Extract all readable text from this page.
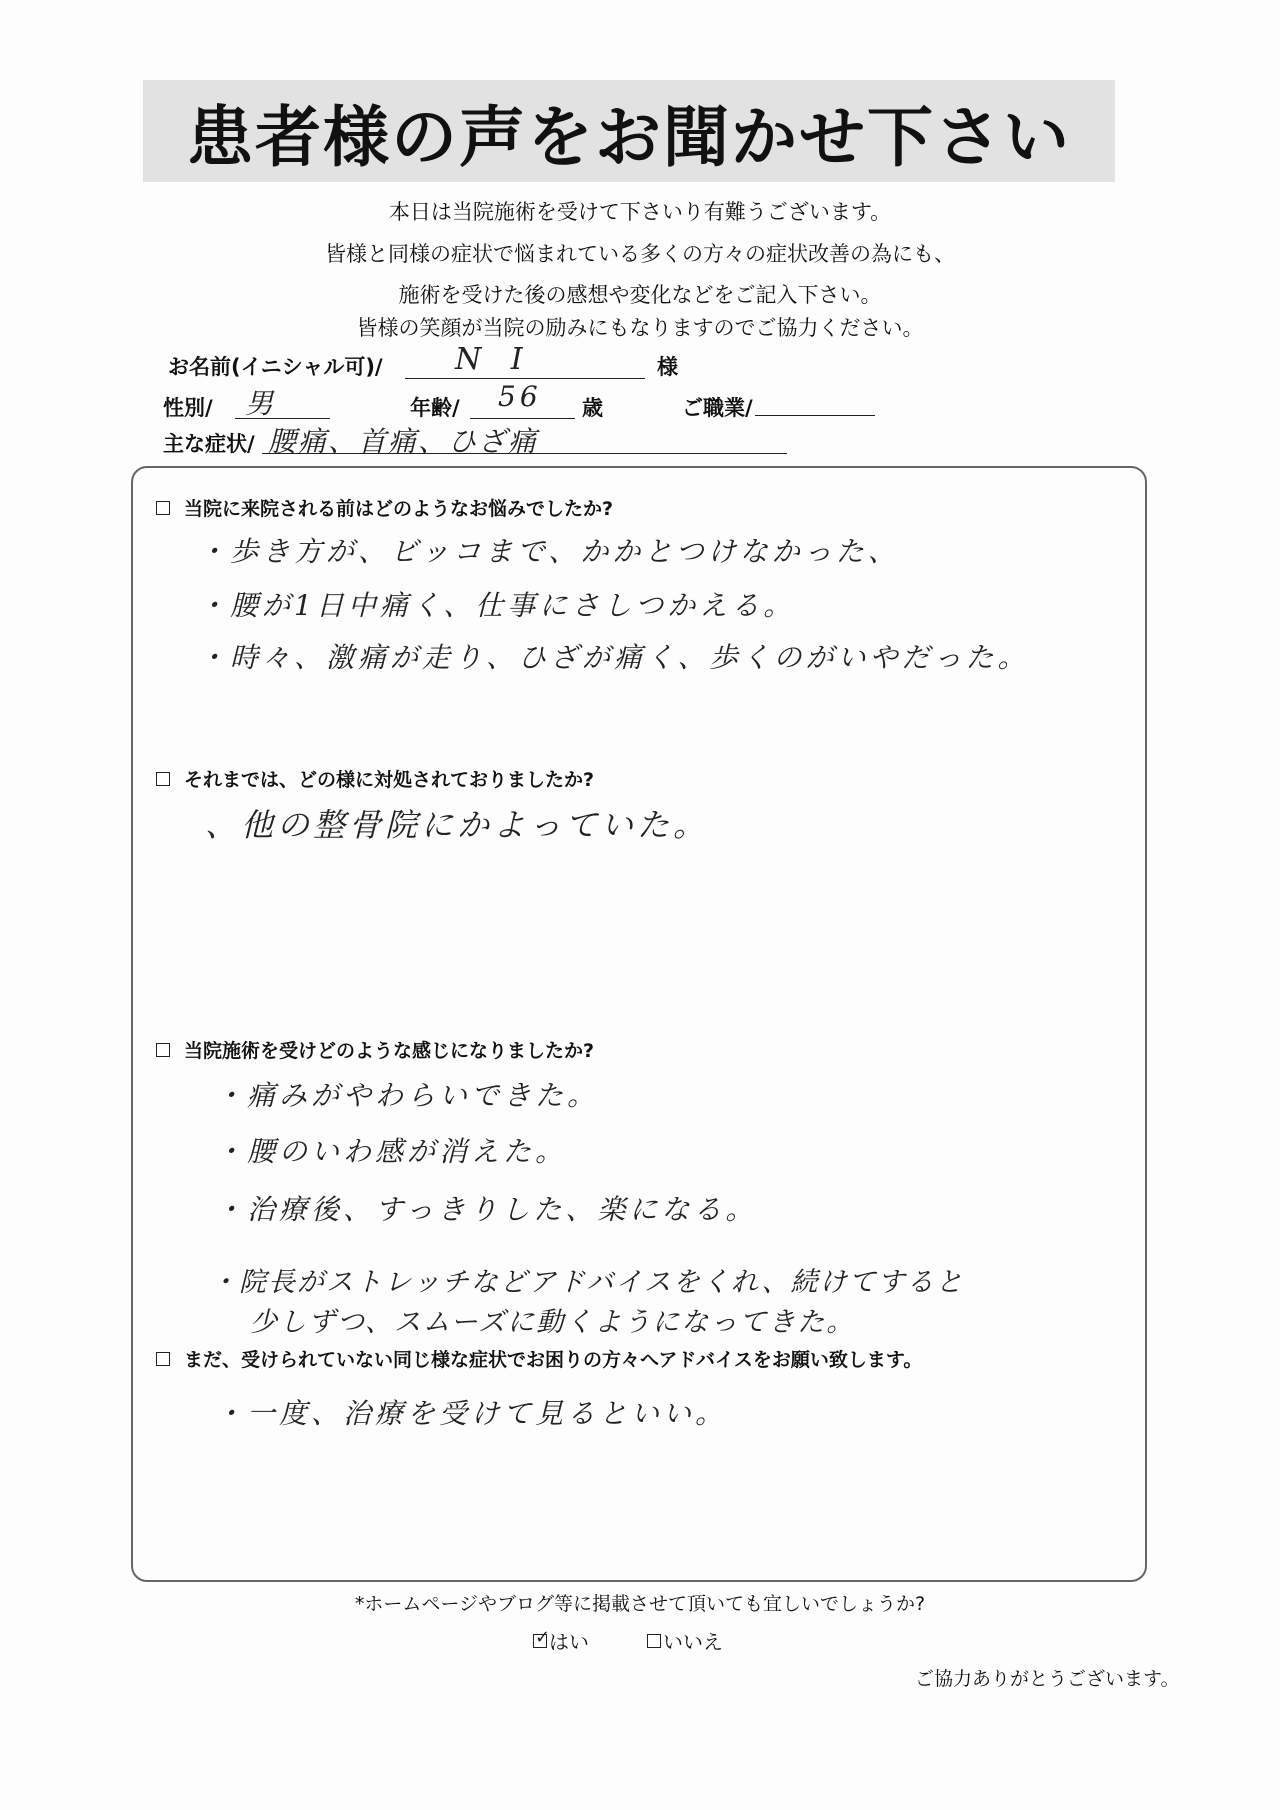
患者様の声をお聞かせ下さい
本日は当院施術を受けて下さいり有難うございます。
皆様と同様の症状で悩まれている多くの方々の症状改善の為にも、
施術を受けた後の感想や変化などをご記入下さい。
皆様の笑顔が当院の励みにもなりますのでご協力ください。
お名前(イニシャル可)/ N I	様
性別/ 男	年齢/ 56 歳	ご職業/
主な症状/ 腰痛、首痛、ひざ痛
当院に来院される前はどのようなお悩みでしたか?
・歩き方が、ビッコまで、かかとつけなかった、
・腰が1日中痛く、仕事にさしつかえる。
・時々、激痛が走り、ひざが痛く、歩くのがいやだった。
それまでは、どの様に対処されておりましたか?
、他の整骨院にかよっていた。
当院施術を受けどのような感じになりましたか?
・痛みがやわらいできた。
・腰のいわ感が消えた。
・治療後、すっきりした、楽になる。
・院長がストレッチなどアドバイスをくれ、続けてすると
少しずつ、スムーズに動くようになってきた。
まだ、受けられていない同じ様な症状でお困りの方々へアドバイスをお願い致します。
・一度、治療を受けて見るといい。
*ホームページやブログ等に掲載させて頂いても宜しいでしょうか?
✓
はい	いいえ
ご協力ありがとうございます。
